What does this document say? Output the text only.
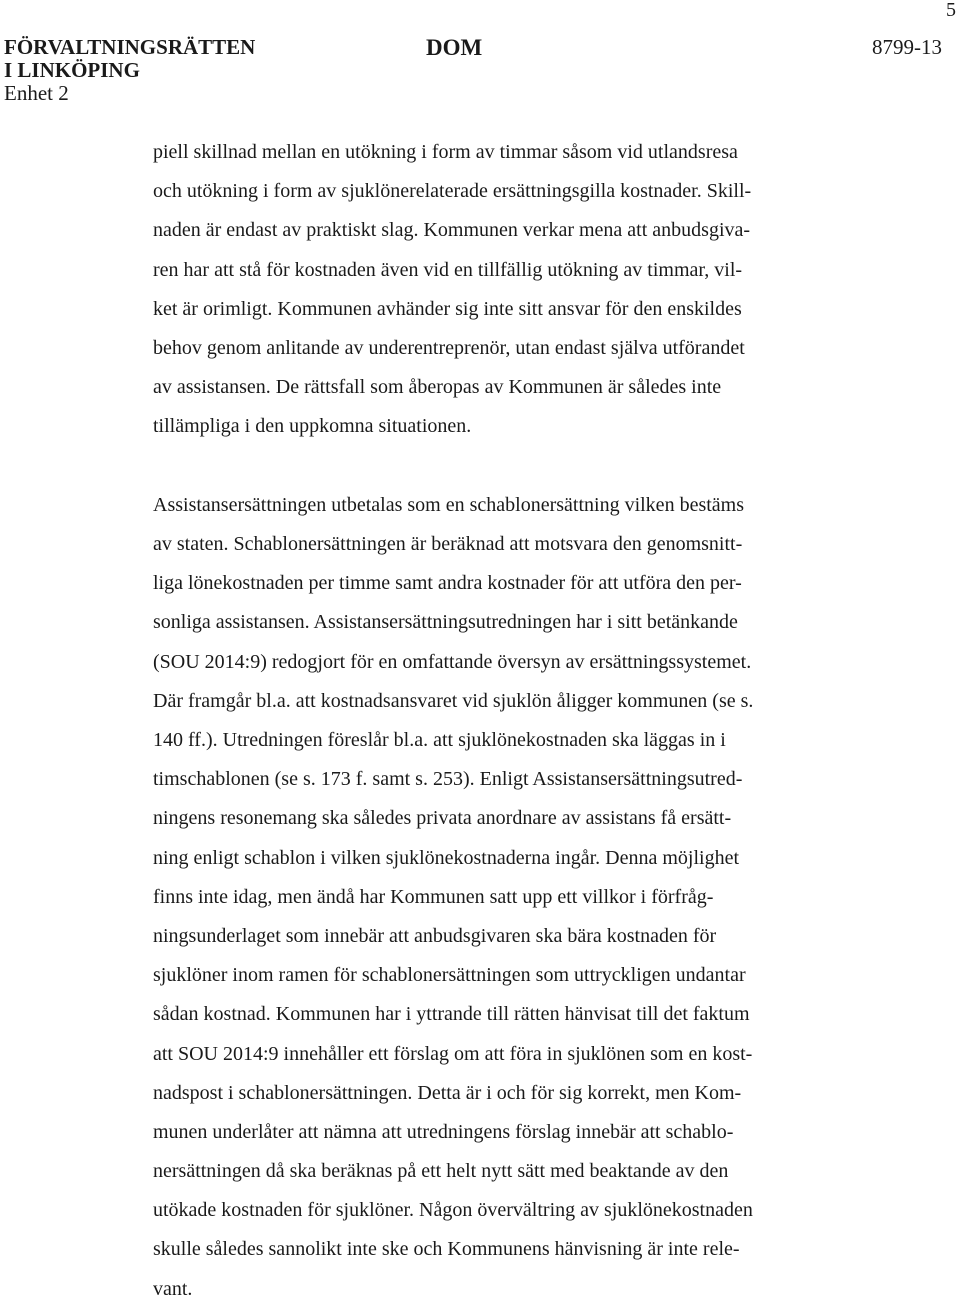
5
FÖRVALTNINGSRÄTTEN
I LINKÖPING
Enhet 2
DOM	8799-13
piell skillnad mellan en utökning i form av timmar såsom vid utlandsresa
och utökning i form av sjuklönerelaterade ersättningsgilla kostnader. Skill-
naden är endast av praktiskt slag. Kommunen verkar mena att anbudsgiva-
ren har att stå för kostnaden även vid en tillfällig utökning av timmar, vil-
ket är orimligt. Kommunen avhänder sig inte sitt ansvar för den enskildes
behov genom anlitande av underentreprenör, utan endast själva utförandet
av assistansen. De rättsfall som åberopas av Kommunen är således inte
tillämpliga i den uppkomna situationen.
Assistansersättningen utbetalas som en schablonersättning vilken bestäms
av staten. Schablonersättningen är beräknad att motsvara den genomsnitt-
liga lönekostnaden per timme samt andra kostnader för att utföra den per-
sonliga assistansen. Assistansersättningsutredningen har i sitt betänkande
(SOU 2014:9) redogjort för en omfattande översyn av ersättningssystemet.
Där framgår bl.a. att kostnadsansvaret vid sjuklön åligger kommunen (se s.
140 ff.). Utredningen föreslår bl.a. att sjuklönekostnaden ska läggas in i
timschablonen (se s. 173 f. samt s. 253). Enligt Assistansersättningsutred-
ningens resonemang ska således privata anordnare av assistans få ersätt-
ning enligt schablon i vilken sjuklönekostnaderna ingår. Denna möjlighet
finns inte idag, men ändå har Kommunen satt upp ett villkor i förfråg-
ningsunderlaget som innebär att anbudsgivaren ska bära kostnaden för
sjuklöner inom ramen för schablonersättningen som uttryckligen undantar
sådan kostnad. Kommunen har i yttrande till rätten hänvisat till det faktum
att SOU 2014:9 innehåller ett förslag om att föra in sjuklönen som en kost-
nadspost i schablonersättningen. Detta är i och för sig korrekt, men Kom-
munen underlåter att nämna att utredningens förslag innebär att schablo-
nersättningen då ska beräknas på ett helt nytt sätt med beaktande av den
utökade kostnaden för sjuklöner. Någon övervältring av sjuklönekostnaden
skulle således sannolikt inte ske och Kommunens hänvisning är inte rele-
vant.
